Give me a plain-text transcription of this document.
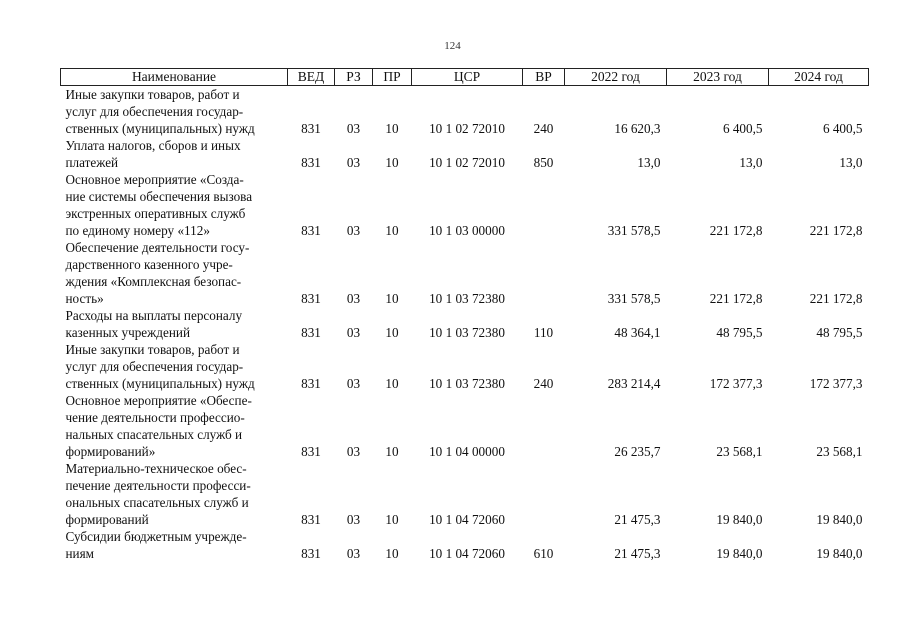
124
Наименование	ВЕД	РЗ	ПР	ЦСР	ВР	2022 год	2023 год	2024 год

Иные закупки товаров, работ и
услуг для обеспечения государ-
ственных (муниципальных) нужд	831	03	10	10 1 02 72010	240	16 620,3	6 400,5	6 400,5

Уплата налогов, сборов и иных
платежей	831	03	10	10 1 02 72010	850	13,0	13,0	13,0

Основное мероприятие «Созда-
ние системы обеспечения вызова
экстренных оперативных служб
по единому номеру «112»	831	03	10	10 1 03 00000		331 578,5	221 172,8	221 172,8

Обеспечение деятельности госу-
дарственного казенного учре-
ждения «Комплексная безопас-
ность»	831	03	10	10 1 03 72380		331 578,5	221 172,8	221 172,8

Расходы на выплаты персоналу
казенных учреждений	831	03	10	10 1 03 72380	110	48 364,1	48 795,5	48 795,5

Иные закупки товаров, работ и
услуг для обеспечения государ-
ственных (муниципальных) нужд	831	03	10	10 1 03 72380	240	283 214,4	172 377,3	172 377,3

Основное мероприятие «Обеспе-
чение деятельности профессио-
нальных спасательных служб и
формирований»	831	03	10	10 1 04 00000		26 235,7	23 568,1	23 568,1

Материально-техническое обес-
печение деятельности професси-
ональных спасательных служб и
формирований	831	03	10	10 1 04 72060		21 475,3	19 840,0	19 840,0

Субсидии бюджетным учрежде-
ниям	831	03	10	10 1 04 72060	610	21 475,3	19 840,0	19 840,0
